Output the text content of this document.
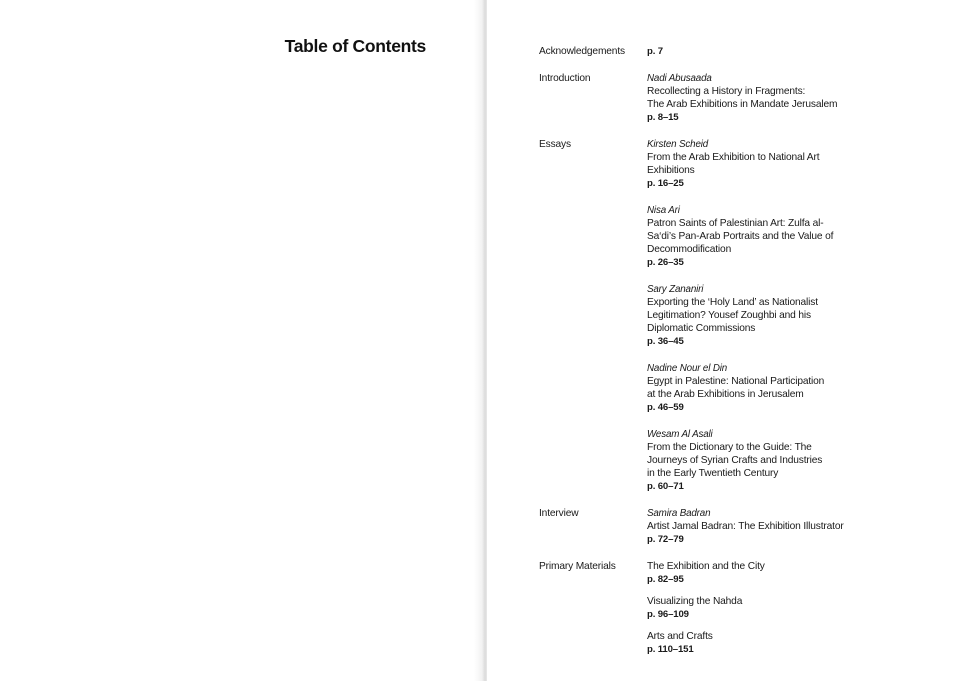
Table of Contents	Acknowledgements	p. 7
Introduction	Nadi Abusaada
Recollecting a History in Fragments:
The Arab Exhibitions in Mandate Jerusalem
p. 8–15
Essays	Kirsten Scheid
From the Arab Exhibition to National Art
Exhibitions
p. 16–25
Nisa Ari
Patron Saints of Palestinian Art: Zulfa al-
Sa‘di’s Pan-Arab Portraits and the Value of
Decommodification
p. 26–35
Sary Zananiri
Exporting the ‘Holy Land’ as Nationalist
Legitimation? Yousef Zoughbi and his
Diplomatic Commissions
p. 36–45
Nadine Nour el Din
Egypt in Palestine: National Participation
at the Arab Exhibitions in Jerusalem
p. 46–59
Wesam Al Asali
From the Dictionary to the Guide: The
Journeys of Syrian Crafts and Industries
in the Early Twentieth Century
p. 60–71
Interview	Samira Badran
Artist Jamal Badran: The Exhibition Illustrator
p. 72–79
Primary Materials	The Exhibition and the City
p. 82–95
Visualizing the Nahda
p. 96–109
Arts and Crafts
p. 110–151
